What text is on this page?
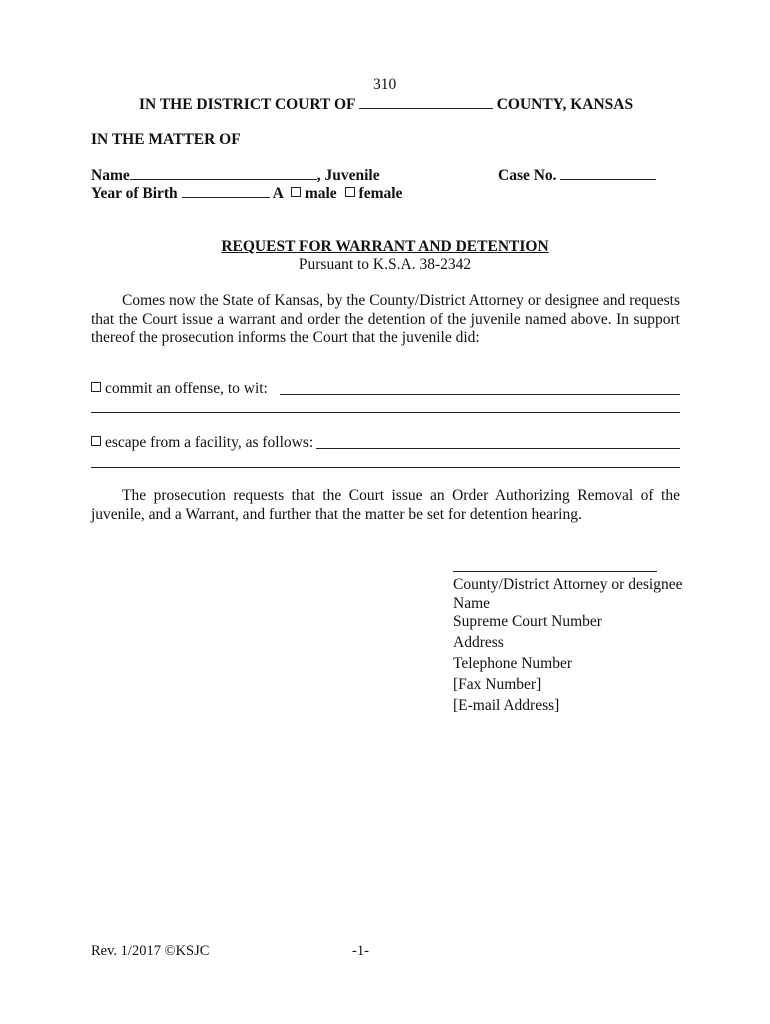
310
IN THE DISTRICT COURT OF	COUNTY, KANSAS
IN THE MATTER OF
Name	, Juvenile	Case No.
Year of Birth	A male female
REQUEST FOR WARRANT AND DETENTION
Pursuant to K.S.A. 38-2342
Comes now the State of Kansas, by the County/District Attorney or designee and requests that the Court issue a warrant and order the detention of the juvenile named above. In support thereof the prosecution informs the Court that the juvenile did:
commit an offense, to wit:
escape from a facility, as follows:
The prosecution requests that the Court issue an Order Authorizing Removal of the juvenile, and a Warrant, and further that the matter be set for detention hearing.
County/District Attorney or designee
Name
Supreme Court Number
Address
Telephone Number
[Fax Number]
[E-mail Address]
Rev. 1/2017 ©KSJC	-1-
